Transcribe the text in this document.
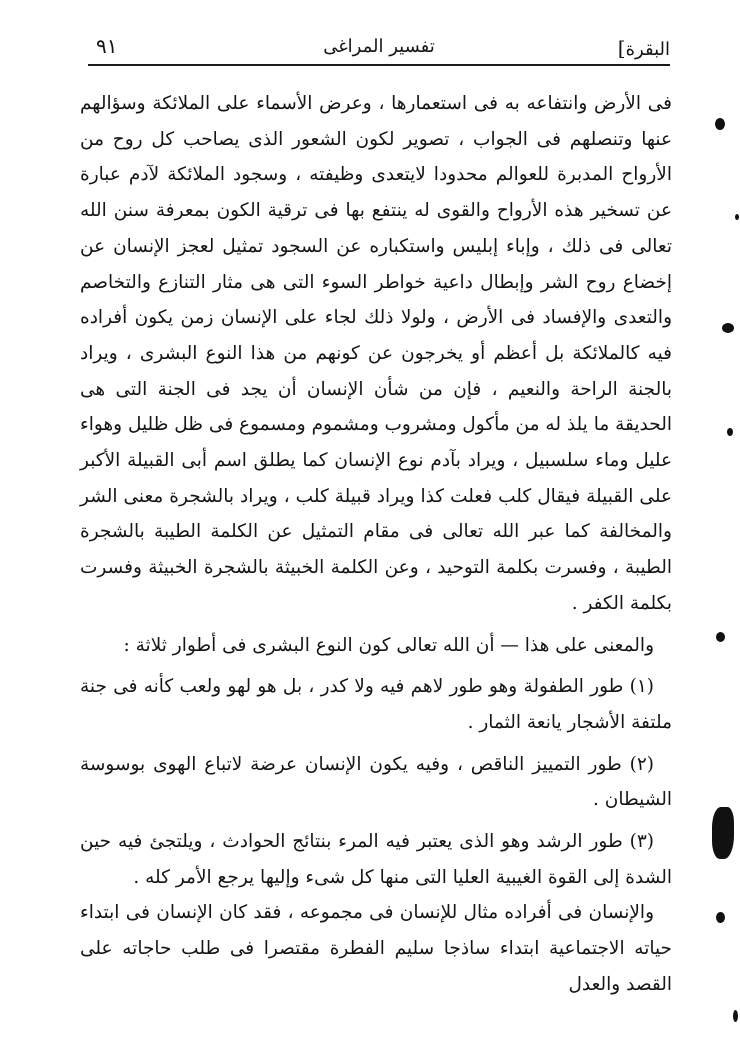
البقرة]
تفسير المراغى
٩١

فى الأرض وانتفاعه به فى استعمارها ، وعرض الأسماء على الملائكة وسؤالهم عنها وتنصلهم فى الجواب ، تصوير لكون الشعور الذى يصاحب كل روح من الأرواح المدبرة للعوالم محدودا لايتعدى وظيفته ، وسجود الملائكة لآدم عبارة عن تسخير هذه الأرواح والقوى له ينتفع بها فى ترقية الكون بمعرفة سنن الله تعالى فى ذلك ، وإباء إبليس واستكباره عن السجود تمثيل لعجز الإنسان عن إخضاع روح الشر وإبطال داعية خواطر السوء التى هى مثار التنازع والتخاصم والتعدى والإفساد فى الأرض ، ولولا ذلك لجاء على الإنسان زمن يكون أفراده فيه كالملائكة بل أعظم أو يخرجون عن كونهم من هذا النوع البشرى ، ويراد بالجنة الراحة والنعيم ، فإن من شأن الإنسان أن يجد فى الجنة التى هى الحديقة ما يلذ له من مأكول ومشروب ومشموم ومسموع فى ظل ظليل وهواء عليل وماء سلسبيل ، ويراد بآدم نوع الإنسان كما يطلق اسم أبى القبيلة الأكبر على القبيلة فيقال كلب فعلت كذا ويراد قبيلة كلب ، ويراد بالشجرة معنى الشر والمخالفة كما عبر الله تعالى فى مقام التمثيل عن الكلمة الطيبة بالشجرة الطيبة ، وفسرت بكلمة التوحيد ، وعن الكلمة الخبيثة بالشجرة الخبيثة وفسرت بكلمة الكفر .

والمعنى على هذا — أن الله تعالى كون النوع البشرى فى أطوار ثلاثة :

(١) طور الطفولة وهو طور لاهم فيه ولا كدر ، بل هو لهو ولعب كأنه فى جنة ملتفة الأشجار يانعة الثمار .

(٢) طور التمييز الناقص ، وفيه يكون الإنسان عرضة لاتباع الهوى بوسوسة الشيطان .

(٣) طور الرشد وهو الذى يعتبر فيه المرء بنتائج الحوادث ، ويلتجئ فيه حين الشدة إلى القوة الغيبية العليا التى منها كل شىء وإليها يرجع الأمر كله .

والإنسان فى أفراده مثال للإنسان فى مجموعه ، فقد كان الإنسان فى ابتداء حياته الاجتماعية ابتداء ساذجا سليم الفطرة مقتصرا فى طلب حاجاته على القصد والعدل
